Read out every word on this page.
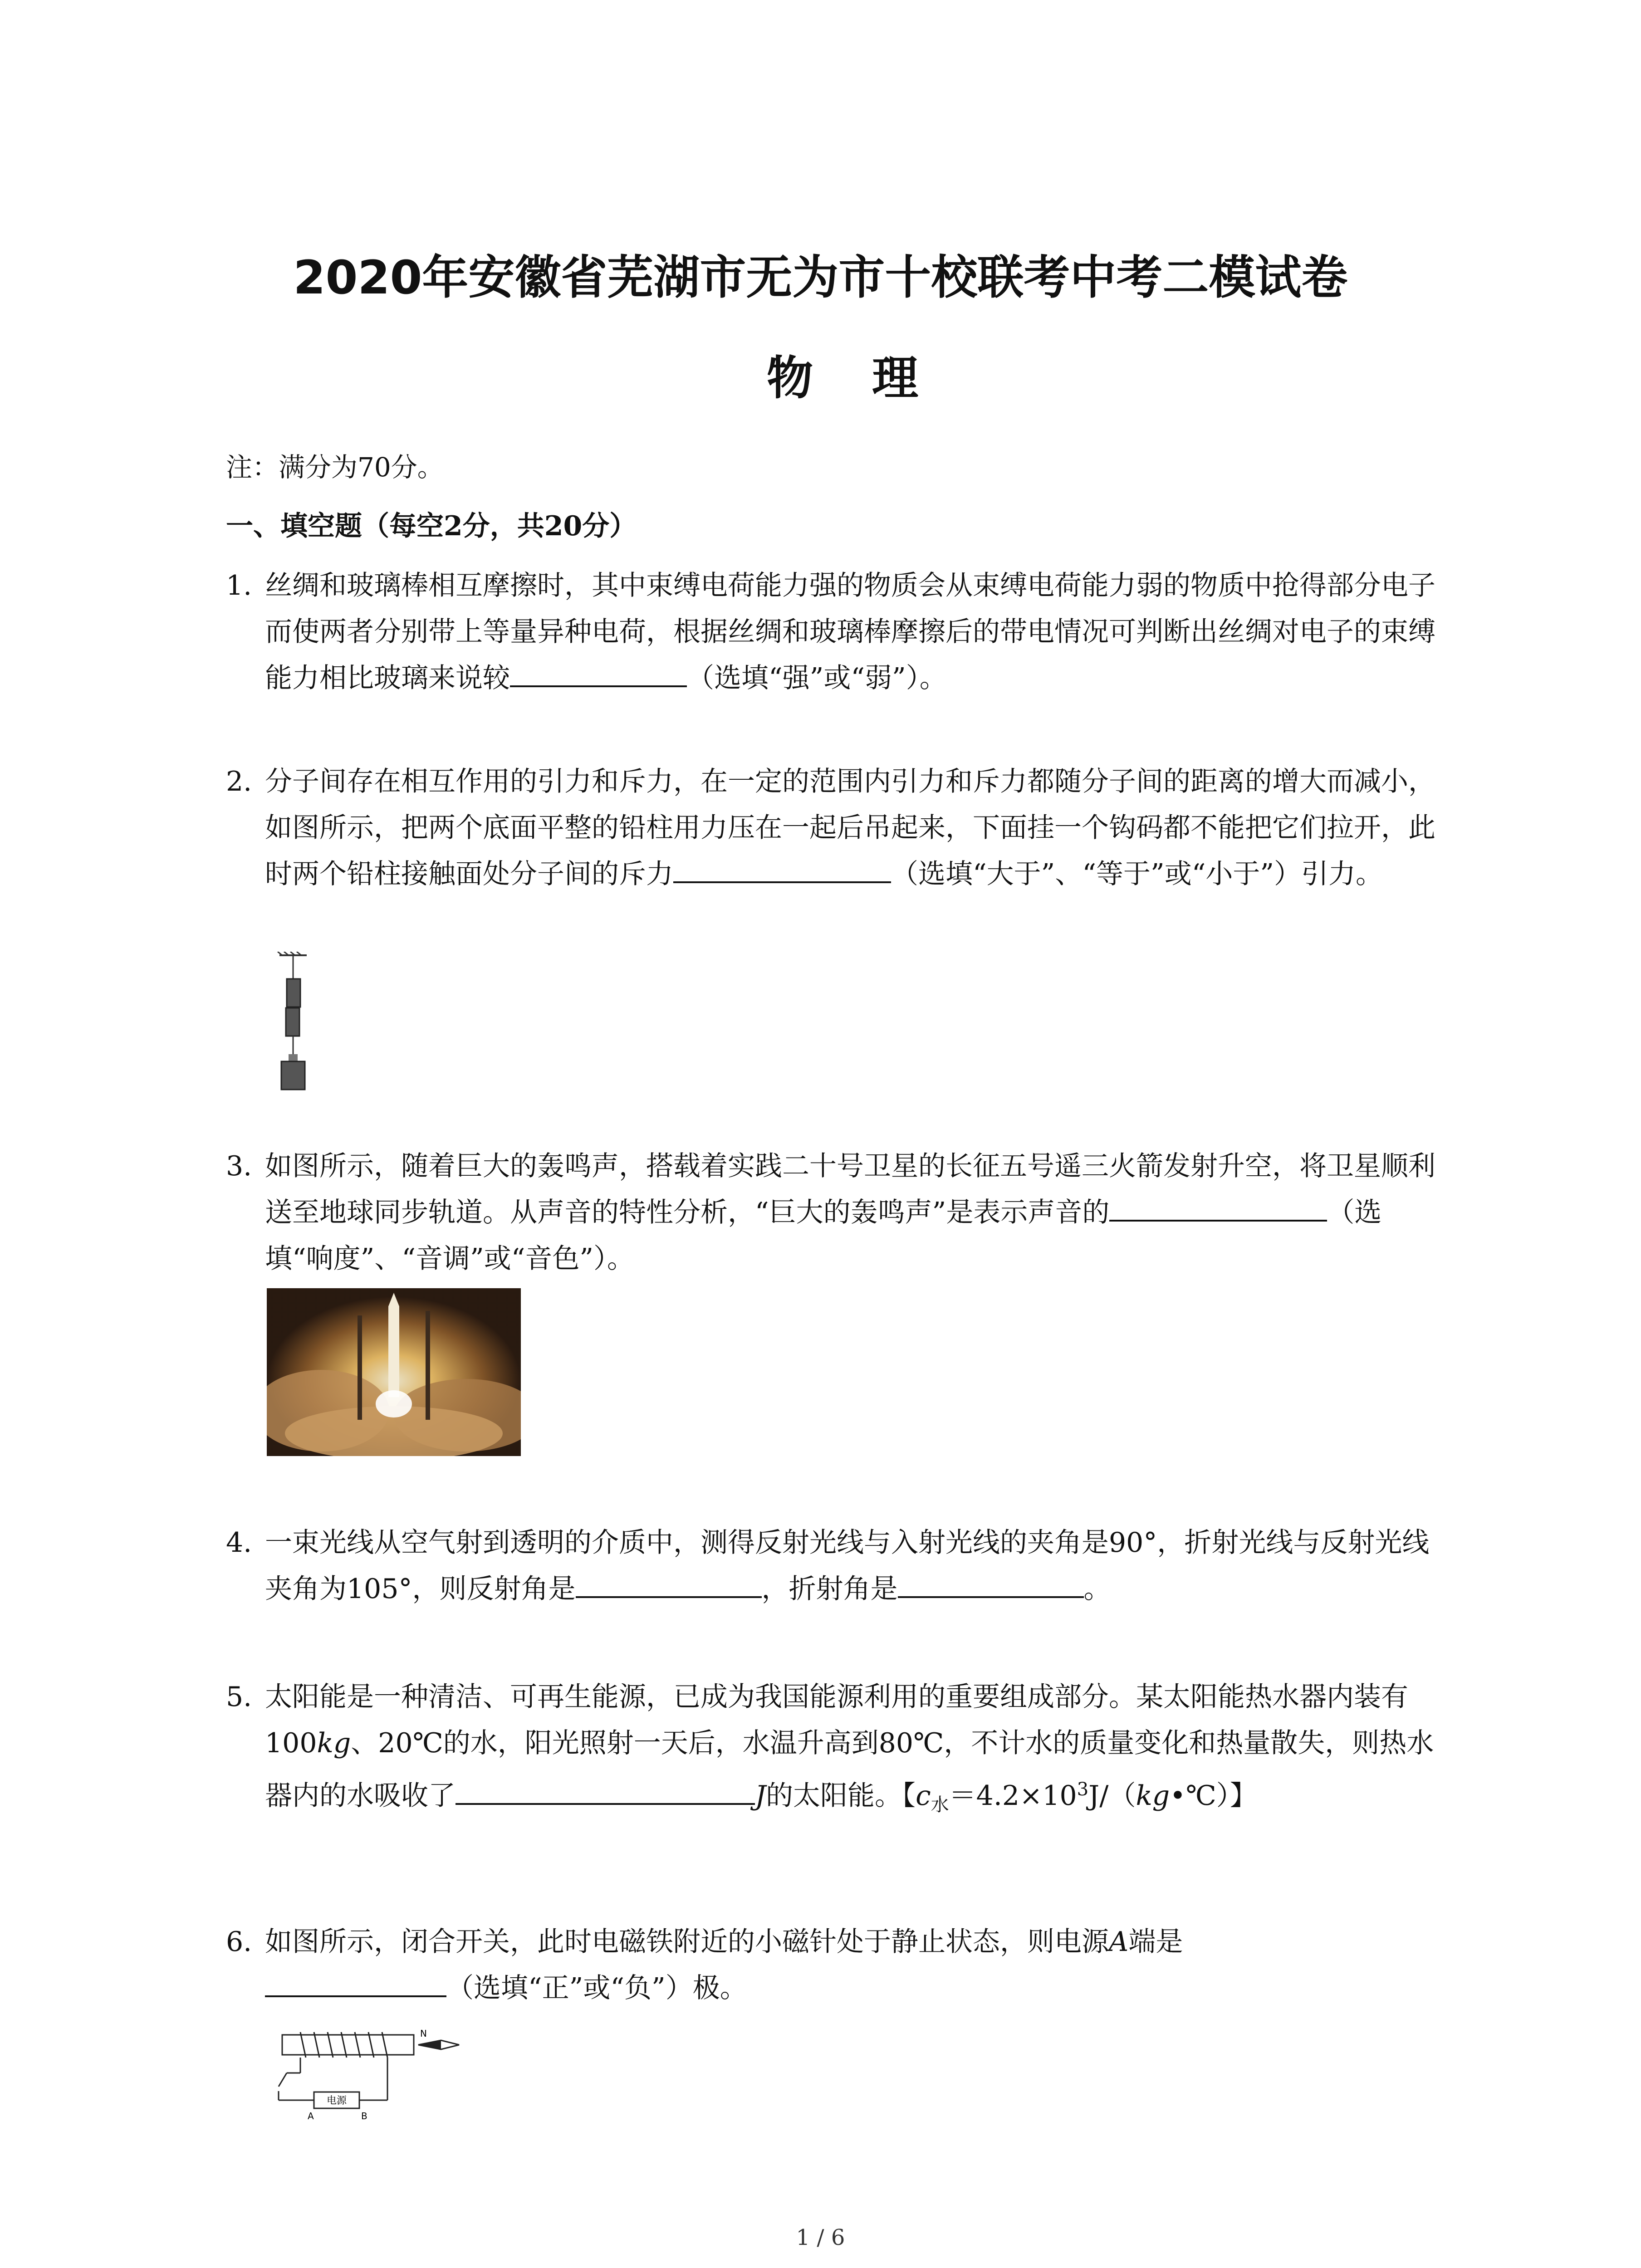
2020年安徽省芜湖市无为市十校联考中考二模试卷
物理
注：满分为70分。
一、填空题（每空2分，共20分）
1. 丝绸和玻璃棒相互摩擦时，其中束缚电荷能力强的物质会从束缚电荷能力弱的物质中抢得部分电子而使两者分别带上等量异种电荷，根据丝绸和玻璃棒摩擦后的带电情况可判断出丝绸对电子的束缚能力相比玻璃来说较	（选填“强”或“弱”）。
2. 分子间存在相互作用的引力和斥力，在一定的范围内引力和斥力都随分子间的距离的增大而减小，如图所示，把两个底面平整的铅柱用力压在一起后吊起来，下面挂一个钩码都不能把它们拉开，此时两个铅柱接触面处分子间的斥力	（选填“大于”、“等于”或“小于”）引力。
3. 如图所示，随着巨大的轰鸣声，搭载着实践二十号卫星的长征五号遥三火箭发射升空，将卫星顺利送至地球同步轨道。从声音的特性分析，“巨大的轰鸣声”是表示声音的	（选填“响度”、“音调”或“音色”）。
4. 一束光线从空气射到透明的介质中，测得反射光线与入射光线的夹角是90°，折射光线与反射光线夹角为105°，则反射角是	，折射角是	。
5. 太阳能是一种清洁、可再生能源，已成为我国能源利用的重要组成部分。某太阳能热水器内装有100kg、20℃的水，阳光照射一天后，水温升高到80℃，不计水的质量变化和热量散失，则热水器内的水吸收了	J的太阳能。【$c_水=4.2\times 10^3J/(kg•℃)$】
6. 如图所示，闭合开关，此时电磁铁附近的小磁针处于静止状态，则电源A端是
（选填“正”或“负”）极。
电源
A	B
N
1 / 6
